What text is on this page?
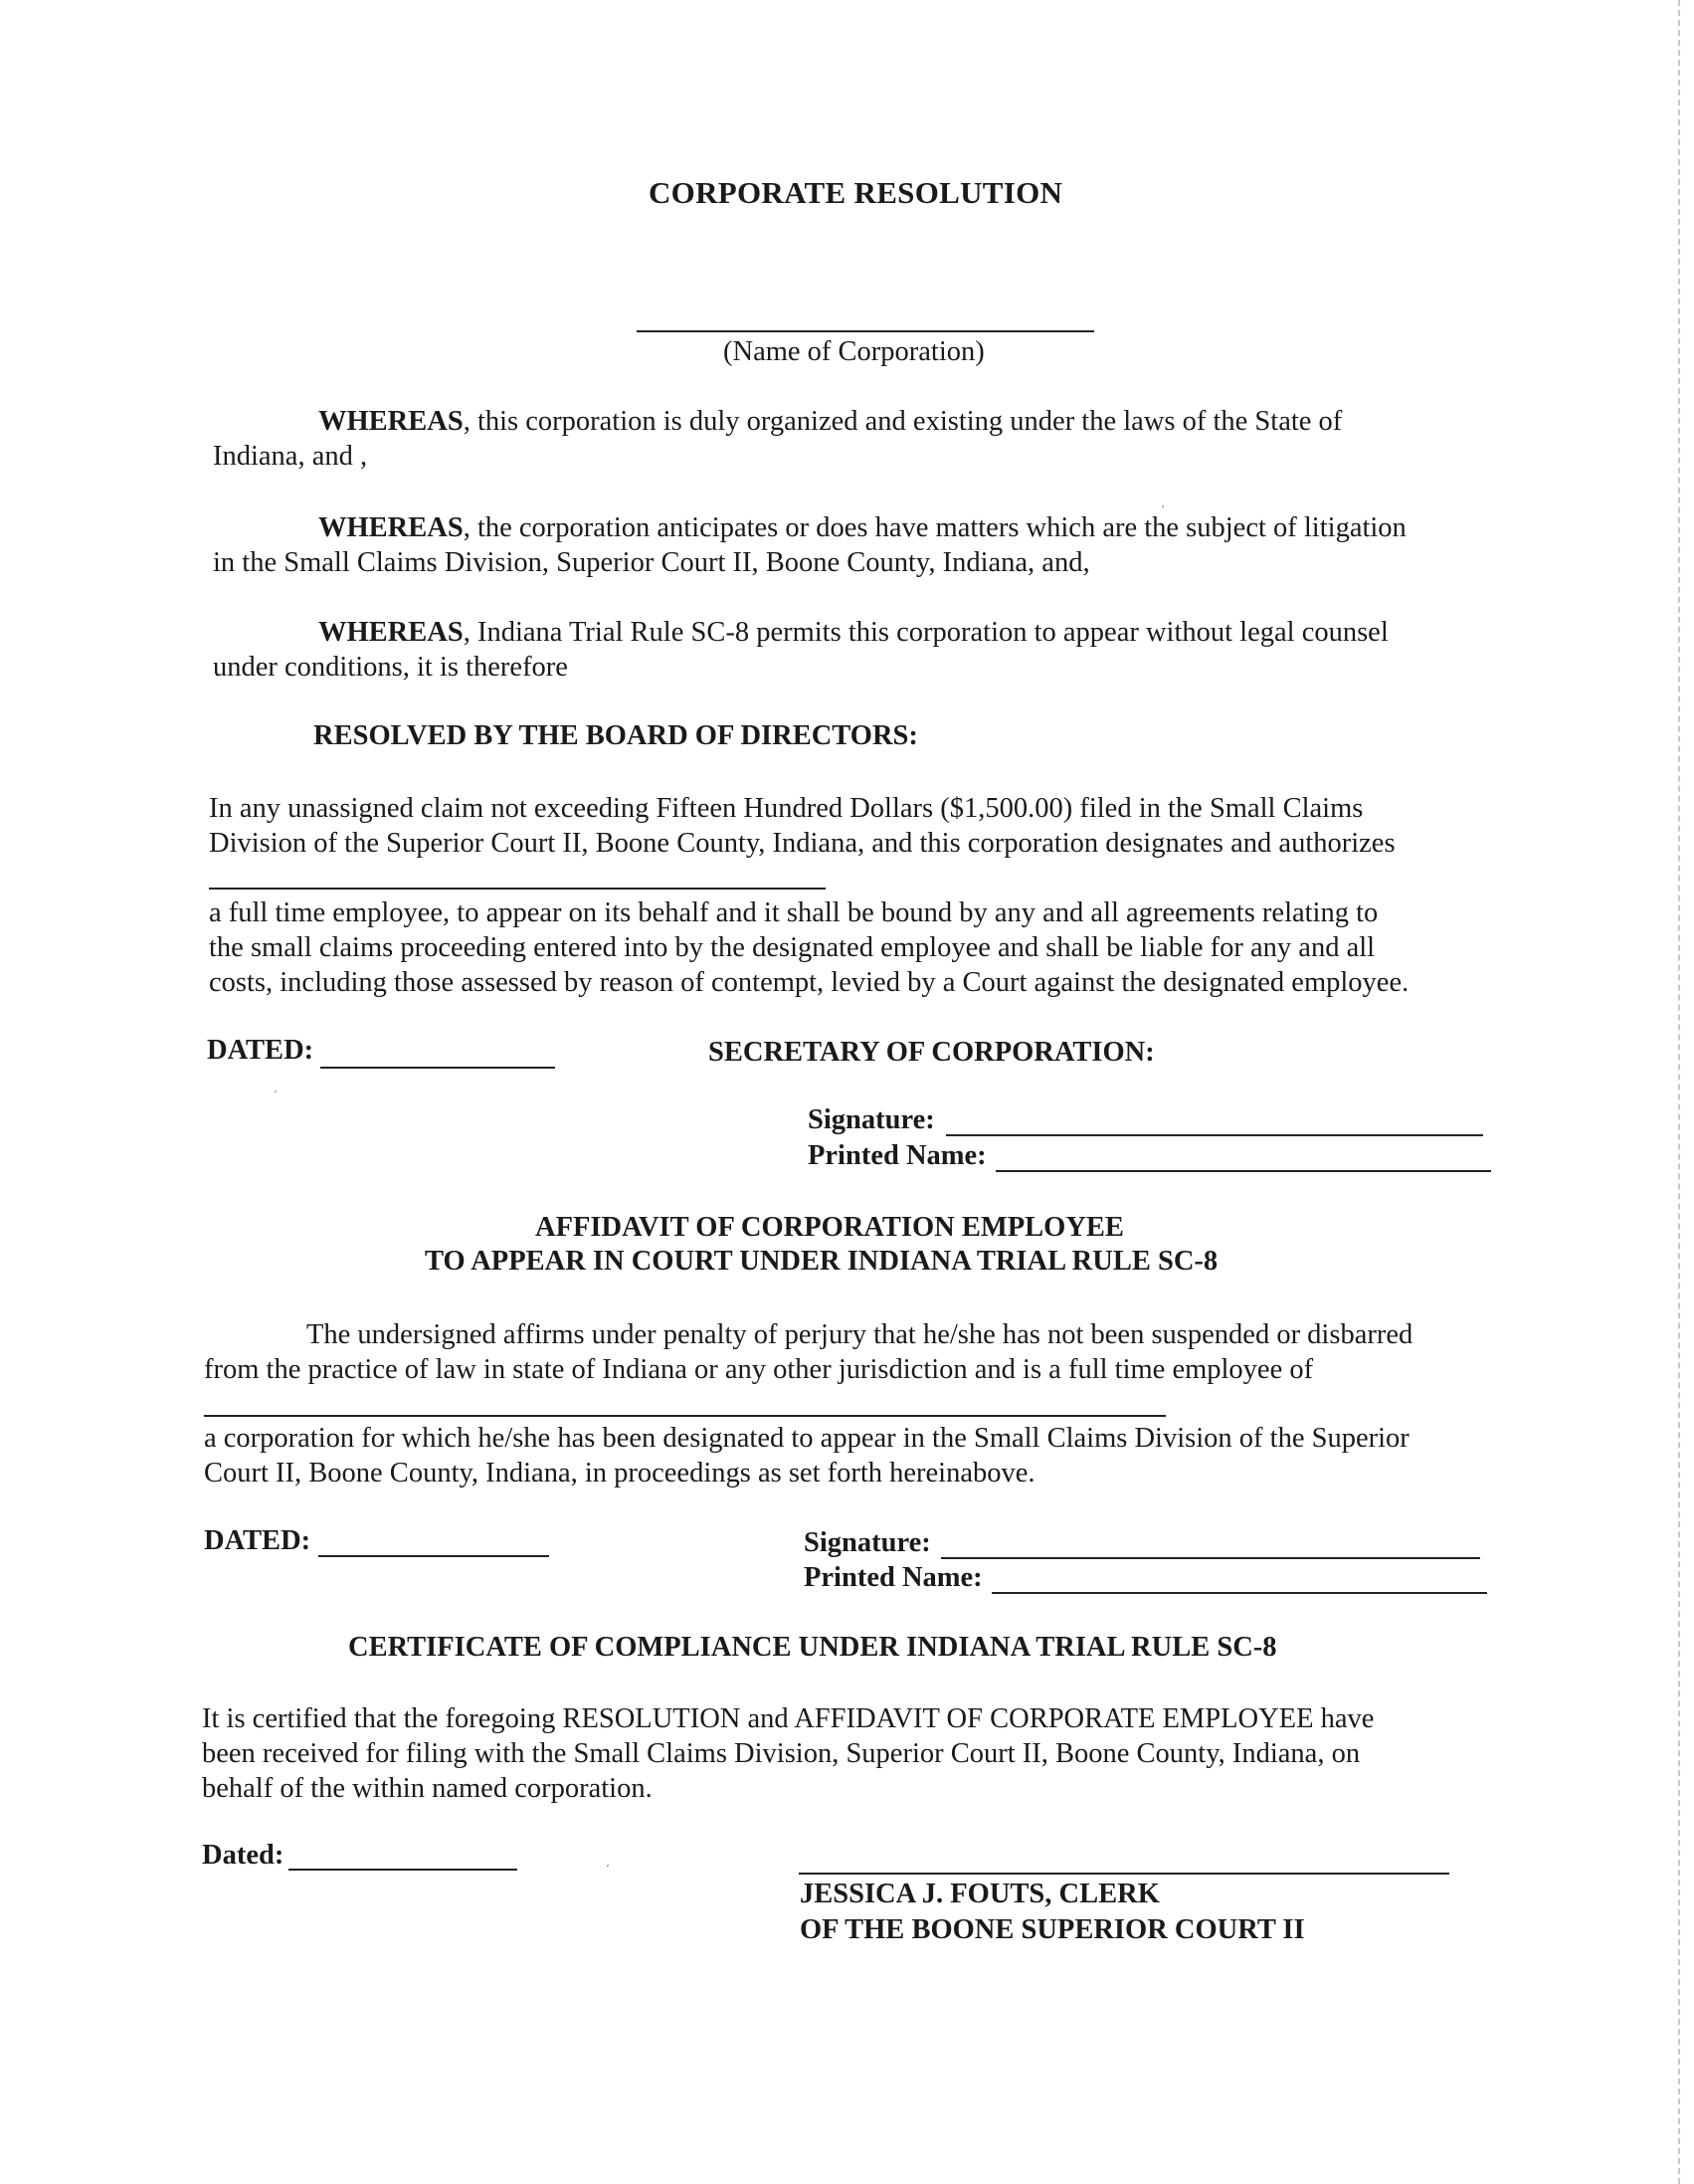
CORPORATE RESOLUTION
(Name of Corporation)
WHEREAS, this corporation is duly organized and existing under the laws of the State of
Indiana, and ,
WHEREAS, the corporation anticipates or does have matters which are the subject of litigation
in the Small Claims Division, Superior Court II, Boone County, Indiana, and,
WHEREAS, Indiana Trial Rule SC-8 permits this corporation to appear without legal counsel
under conditions, it is therefore
RESOLVED BY THE BOARD OF DIRECTORS:
In any unassigned claim not exceeding Fifteen Hundred Dollars ($1,500.00) filed in the Small Claims
Division of the Superior Court II, Boone County, Indiana, and this corporation designates and authorizes
a full time employee, to appear on its behalf and it shall be bound by any and all agreements relating to
the small claims proceeding entered into by the designated employee and shall be liable for any and all
costs, including those assessed by reason of contempt, levied by a Court against the designated employee.
DATED:	SECRETARY OF CORPORATION:
Signature:
Printed Name:
AFFIDAVIT OF CORPORATION EMPLOYEE
TO APPEAR IN COURT UNDER INDIANA TRIAL RULE SC-8
The undersigned affirms under penalty of perjury that he/she has not been suspended or disbarred
from the practice of law in state of Indiana or any other jurisdiction and is a full time employee of
a corporation for which he/she has been designated to appear in the Small Claims Division of the Superior
Court II, Boone County, Indiana, in proceedings as set forth hereinabove.
DATED:	Signature:
Printed Name:
CERTIFICATE OF COMPLIANCE UNDER INDIANA TRIAL RULE SC-8
It is certified that the foregoing RESOLUTION and AFFIDAVIT OF CORPORATE EMPLOYEE have
been received for filing with the Small Claims Division, Superior Court II, Boone County, Indiana, on
behalf of the within named corporation.
Dated:
JESSICA J. FOUTS, CLERK
OF THE BOONE SUPERIOR COURT II
